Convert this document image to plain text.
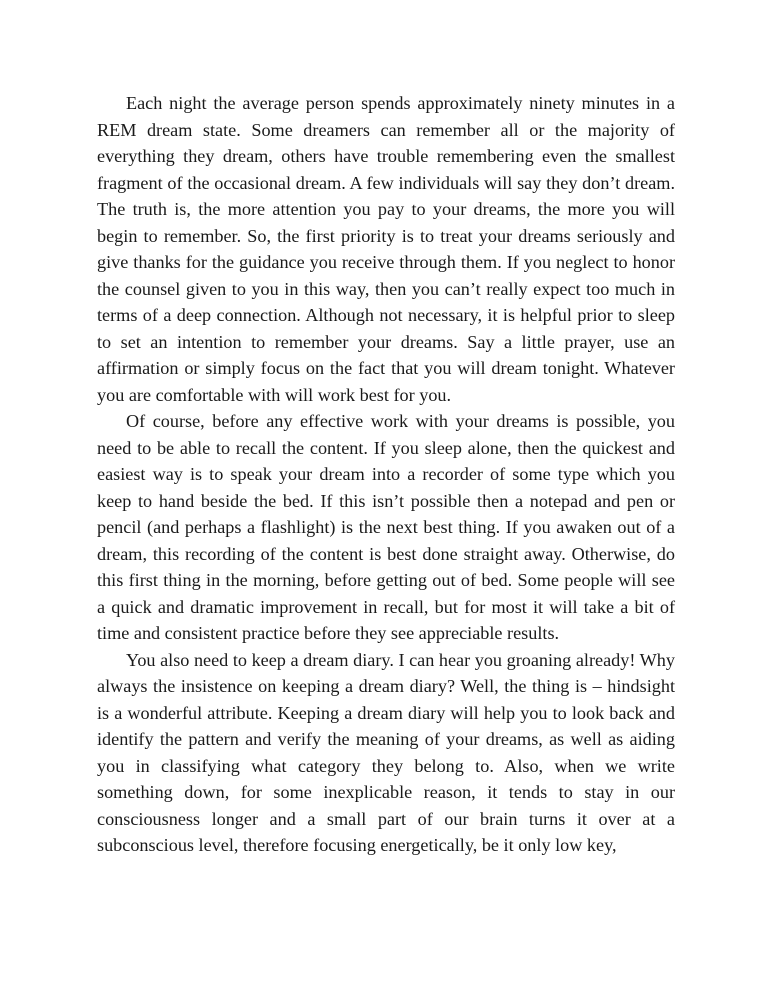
Each night the average person spends approximately ninety minutes in a REM dream state. Some dreamers can remember all or the majority of everything they dream, others have trouble remembering even the smallest fragment of the occasional dream. A few individuals will say they don’t dream. The truth is, the more attention you pay to your dreams, the more you will begin to remember. So, the first priority is to treat your dreams seriously and give thanks for the guidance you receive through them. If you neglect to honor the counsel given to you in this way, then you can’t really expect too much in terms of a deep connection. Although not necessary, it is helpful prior to sleep to set an intention to remember your dreams. Say a little prayer, use an affirmation or simply focus on the fact that you will dream tonight. Whatever you are comfortable with will work best for you.

Of course, before any effective work with your dreams is possible, you need to be able to recall the content. If you sleep alone, then the quickest and easiest way is to speak your dream into a recorder of some type which you keep to hand beside the bed. If this isn’t possible then a notepad and pen or pencil (and perhaps a flashlight) is the next best thing. If you awaken out of a dream, this recording of the content is best done straight away. Otherwise, do this first thing in the morning, before getting out of bed. Some people will see a quick and dramatic improvement in recall, but for most it will take a bit of time and consistent practice before they see appreciable results.

You also need to keep a dream diary. I can hear you groaning already! Why always the insistence on keeping a dream diary? Well, the thing is – hindsight is a wonderful attribute. Keeping a dream diary will help you to look back and identify the pattern and verify the meaning of your dreams, as well as aiding you in classifying what category they belong to. Also, when we write something down, for some inexplicable reason, it tends to stay in our consciousness longer and a small part of our brain turns it over at a subconscious level, therefore focusing energetically, be it only low key,
